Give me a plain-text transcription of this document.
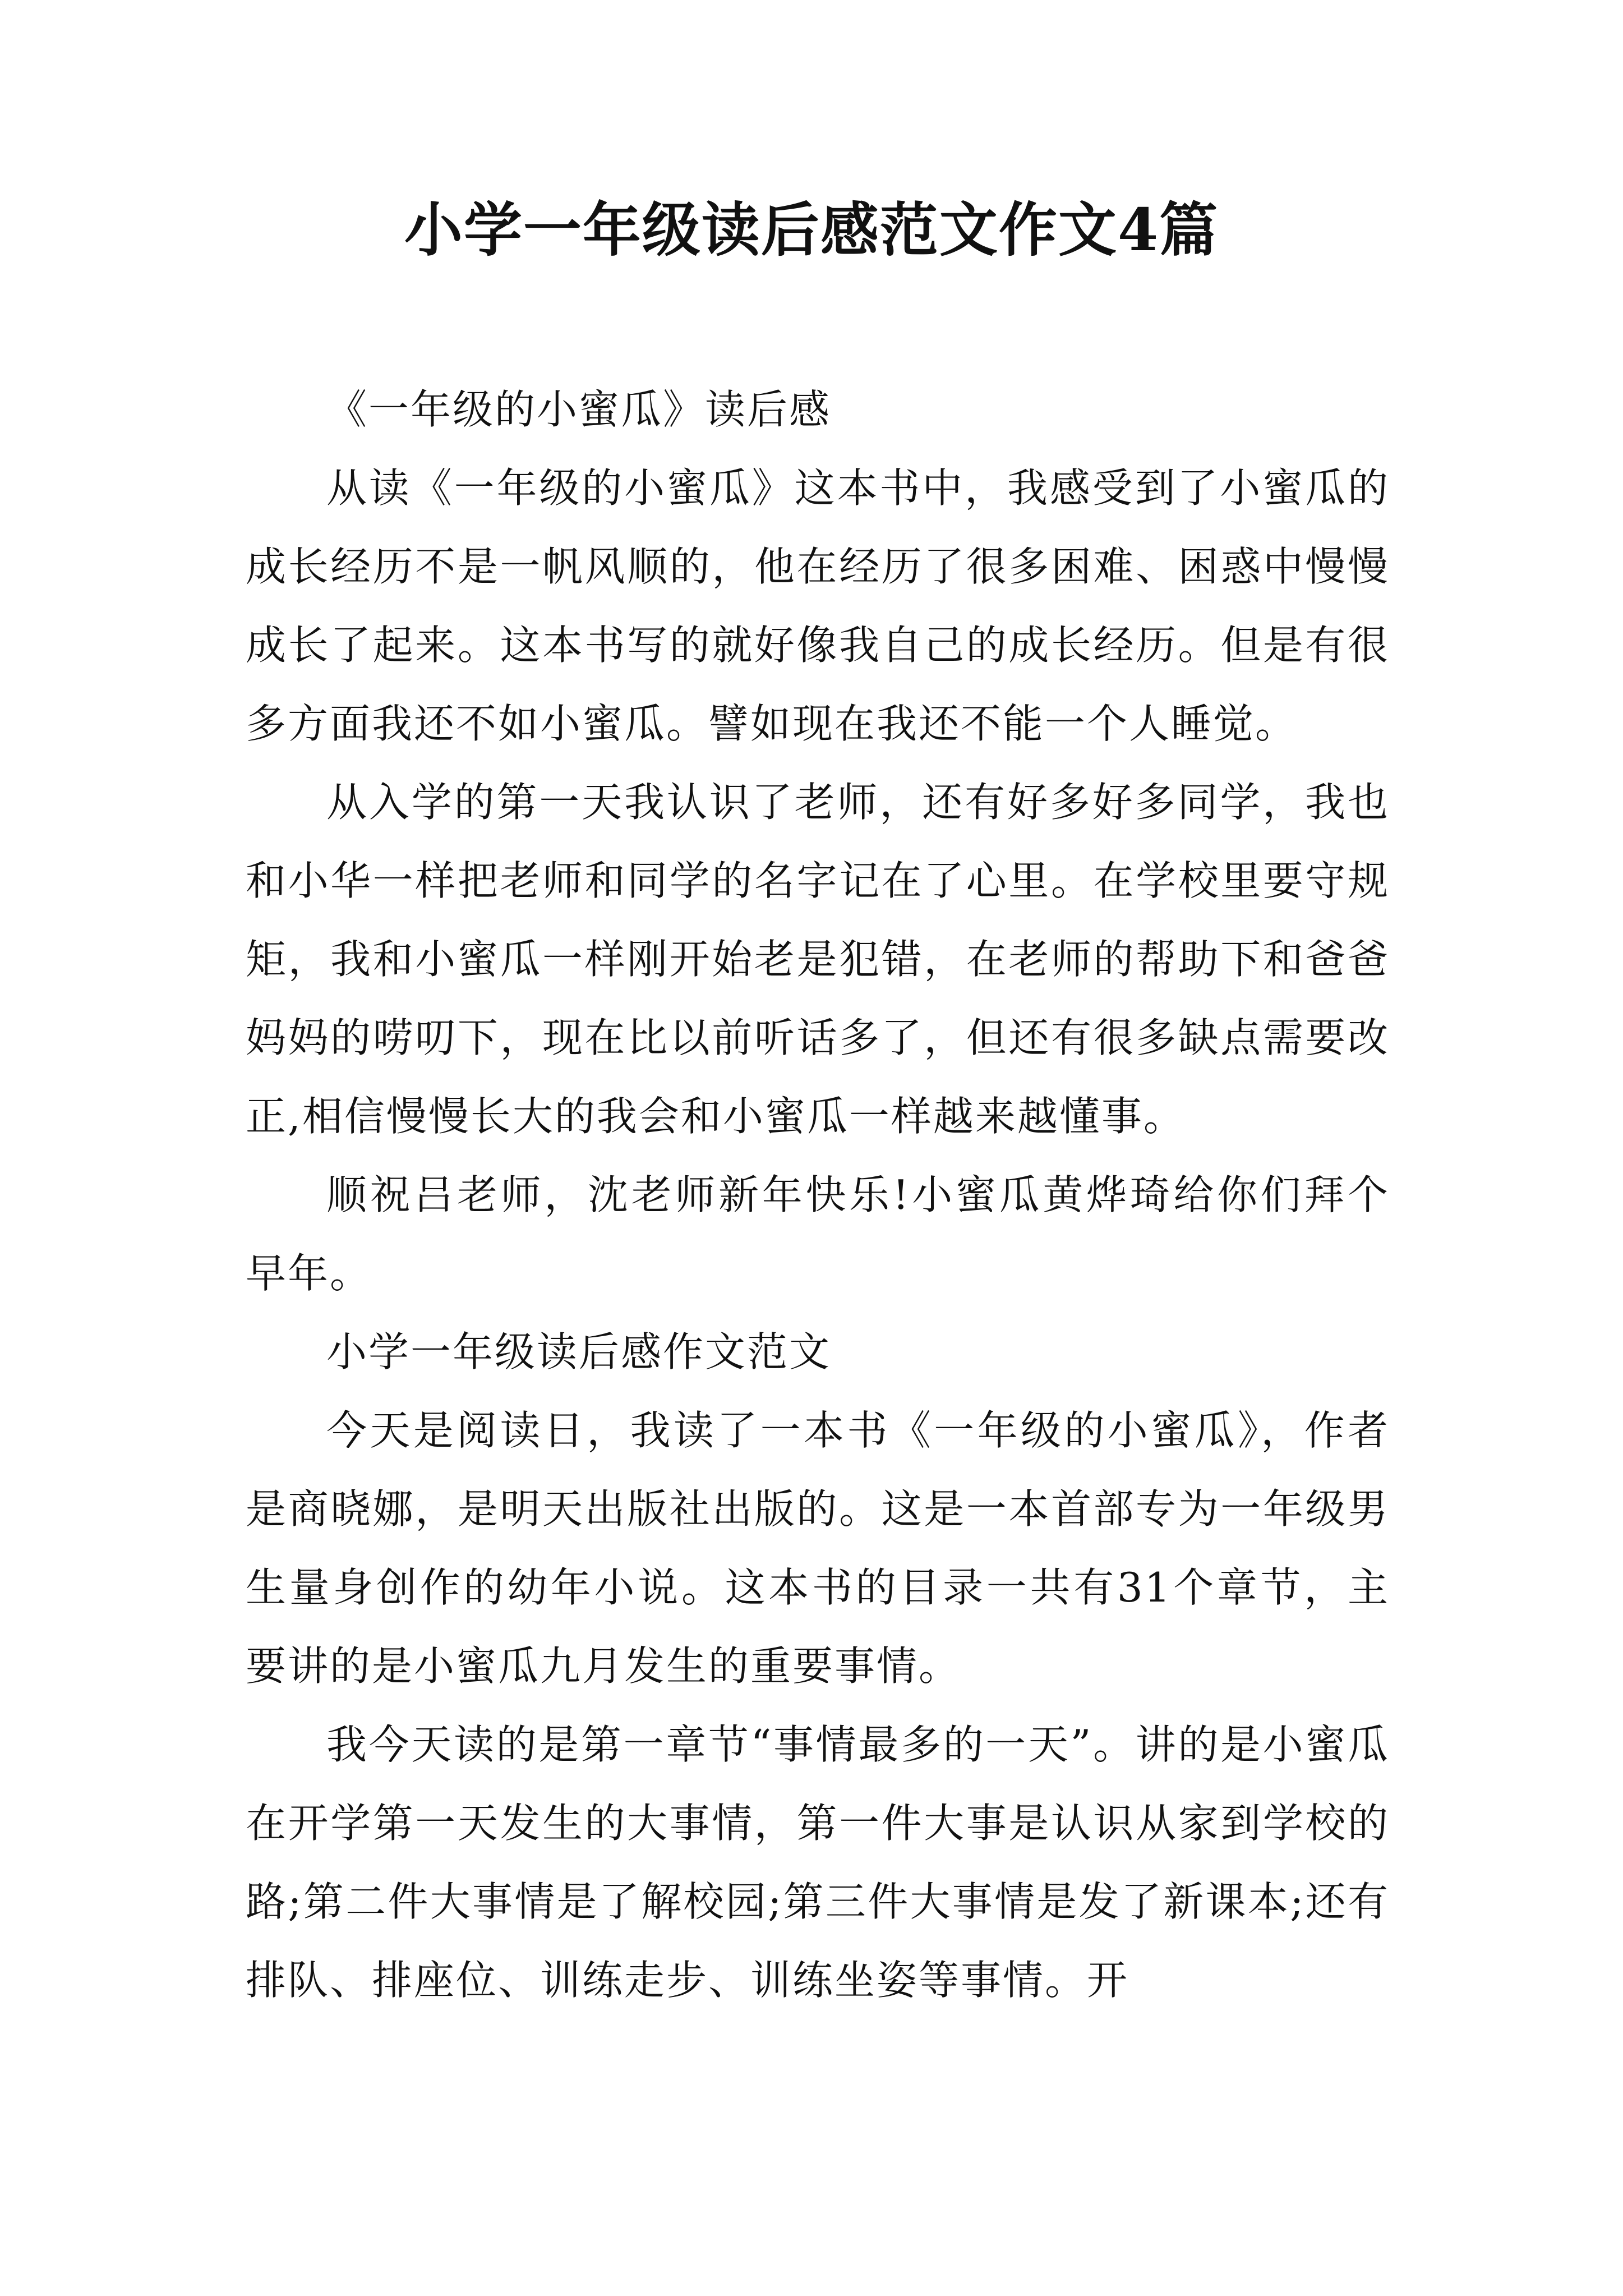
小学一年级读后感范文作文4篇

《一年级的小蜜瓜》读后感

从读《一年级的小蜜瓜》这本书中，我感受到了小蜜瓜的成长经历不是一帆风顺的，他在经历了很多困难、困惑中慢慢成长了起来。这本书写的就好像我自己的成长经历。但是有很多方面我还不如小蜜瓜。譬如现在我还不能一个人睡觉。

从入学的第一天我认识了老师，还有好多好多同学，我也和小华一样把老师和同学的名字记在了心里。在学校里要守规矩，我和小蜜瓜一样刚开始老是犯错，在老师的帮助下和爸爸妈妈的唠叨下，现在比以前听话多了，但还有很多缺点需要改正,相信慢慢长大的我会和小蜜瓜一样越来越懂事。

顺祝吕老师，沈老师新年快乐!小蜜瓜黄烨琦给你们拜个早年。

小学一年级读后感作文范文

今天是阅读日，我读了一本书《一年级的小蜜瓜》，作者是商晓娜，是明天出版社出版的。这是一本首部专为一年级男生量身创作的幼年小说。这本书的目录一共有31个章节，主要讲的是小蜜瓜九月发生的重要事情。

我今天读的是第一章节“事情最多的一天”。讲的是小蜜瓜在开学第一天发生的大事情，第一件大事是认识从家到学校的路;第二件大事情是了解校园;第三件大事情是发了新课本;还有排队、排座位、训练走步、训练坐姿等事情。开
